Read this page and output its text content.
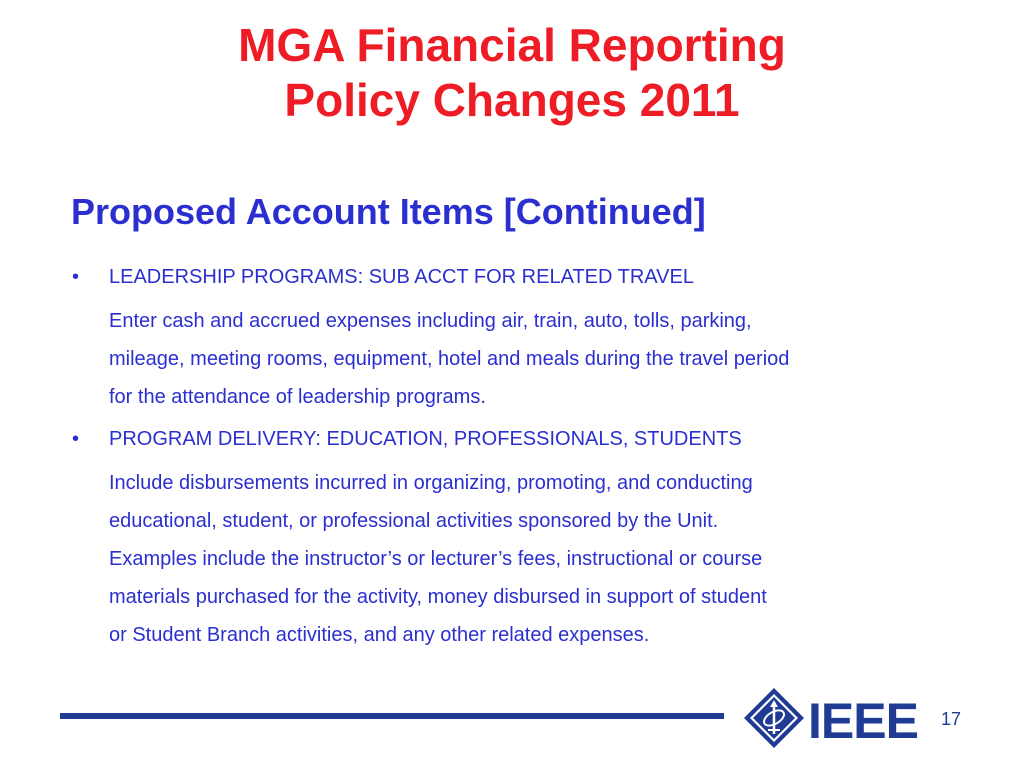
MGA Financial Reporting
Policy Changes 2011
Proposed Account Items [Continued]
• LEADERSHIP PROGRAMS: SUB ACCT FOR RELATED TRAVEL
Enter cash and accrued expenses including air, train, auto, tolls, parking,
mileage, meeting rooms, equipment, hotel and meals during the travel period
for the attendance of leadership programs.
• PROGRAM DELIVERY: EDUCATION, PROFESSIONALS, STUDENTS
Include disbursements incurred in organizing, promoting, and conducting
educational, student, or professional activities sponsored by the Unit.
Examples include the instructor’s or lecturer’s fees, instructional or course
materials purchased for the activity, money disbursed in support of student
or Student Branch activities, and any other related expenses.
IEEE 17
